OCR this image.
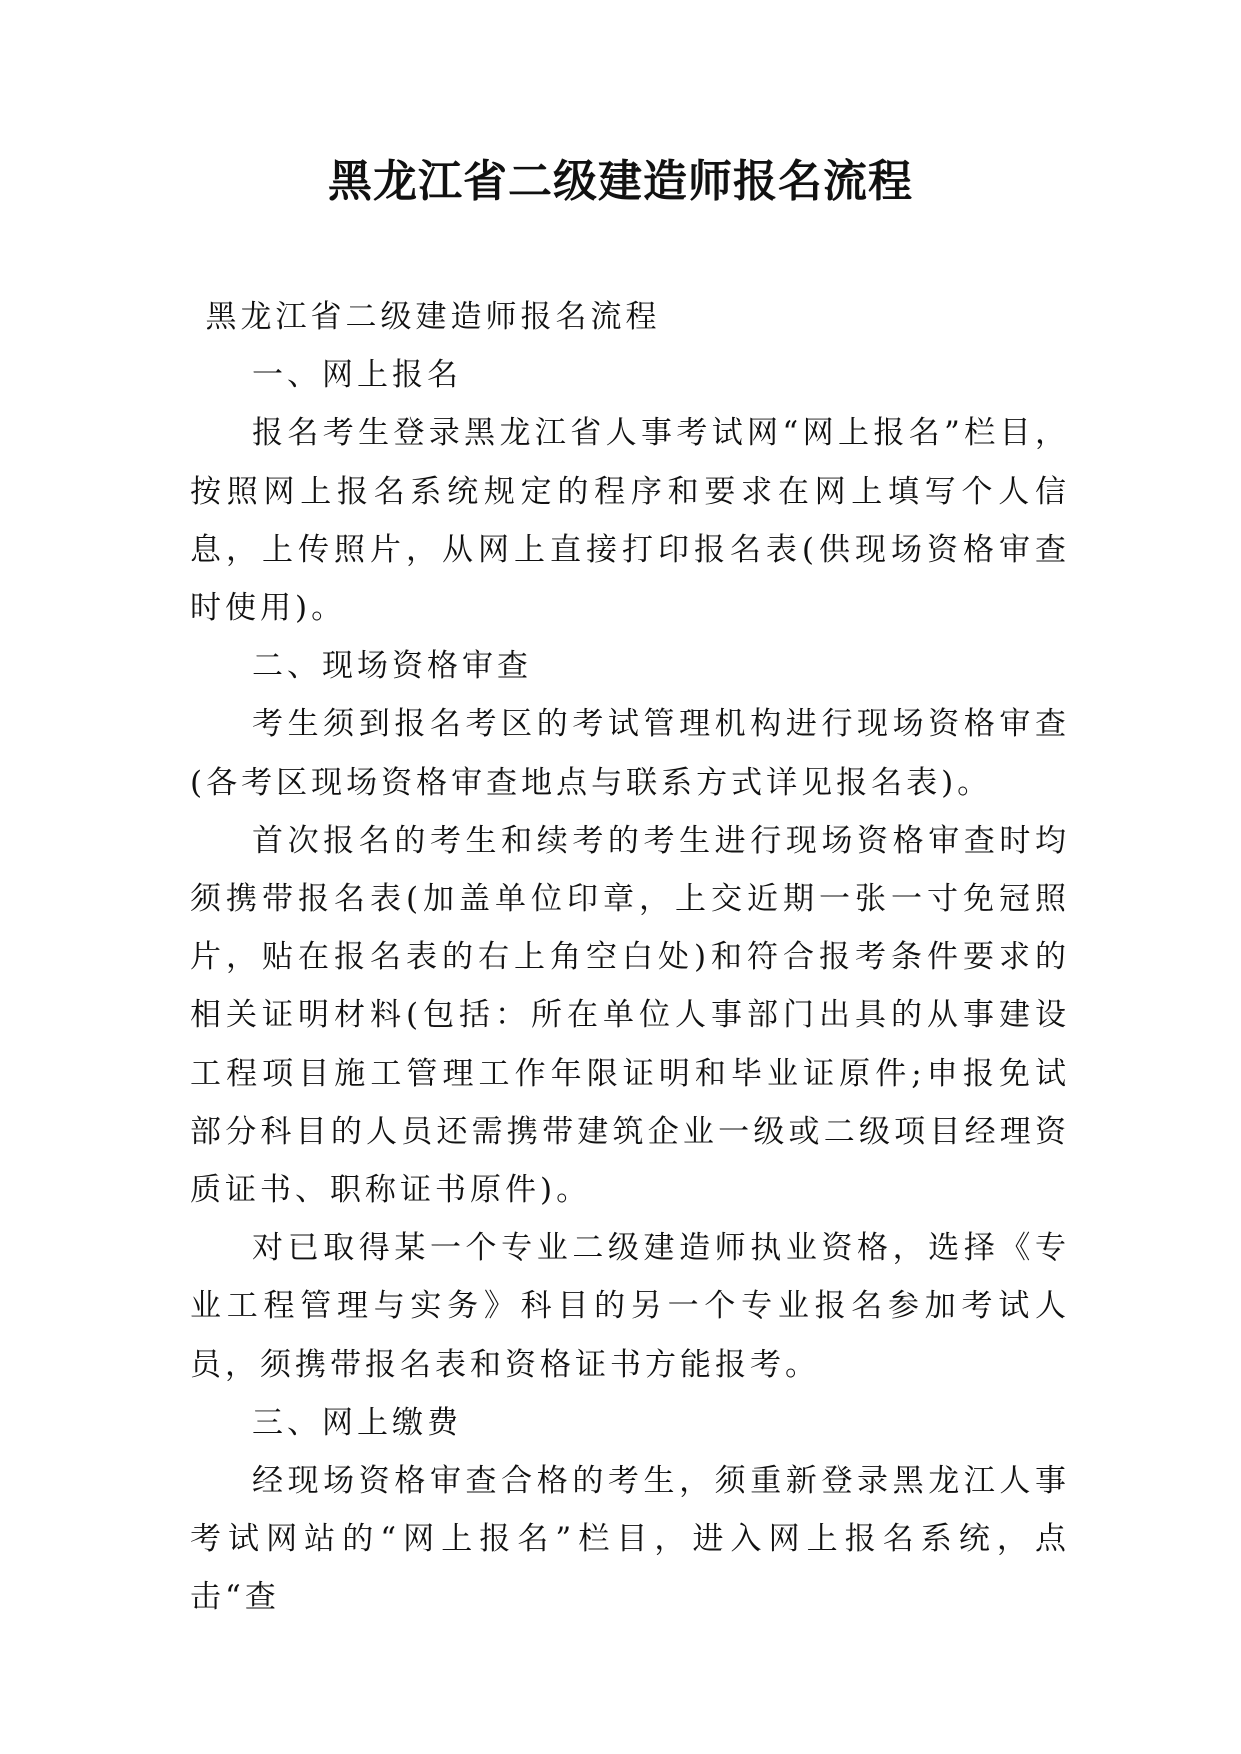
黑龙江省二级建造师报名流程

黑龙江省二级建造师报名流程

一、网上报名

报名考生登录黑龙江省人事考试网“网上报名”栏目，按照网上报名系统规定的程序和要求在网上填写个人信息，上传照片，从网上直接打印报名表(供现场资格审查时使用)。

二、现场资格审查

考生须到报名考区的考试管理机构进行现场资格审查(各考区现场资格审查地点与联系方式详见报名表)。

首次报名的考生和续考的考生进行现场资格审查时均须携带报名表(加盖单位印章，上交近期一张一寸免冠照片，贴在报名表的右上角空白处)和符合报考条件要求的相关证明材料(包括：所在单位人事部门出具的从事建设工程项目施工管理工作年限证明和毕业证原件;申报免试部分科目的人员还需携带建筑企业一级或二级项目经理资质证书、职称证书原件)。

对已取得某一个专业二级建造师执业资格，选择《专业工程管理与实务》科目的另一个专业报名参加考试人员，须携带报名表和资格证书方能报考。

三、网上缴费

经现场资格审查合格的考生，须重新登录黑龙江人事考试网站的“网上报名”栏目，进入网上报名系统，点击“查
